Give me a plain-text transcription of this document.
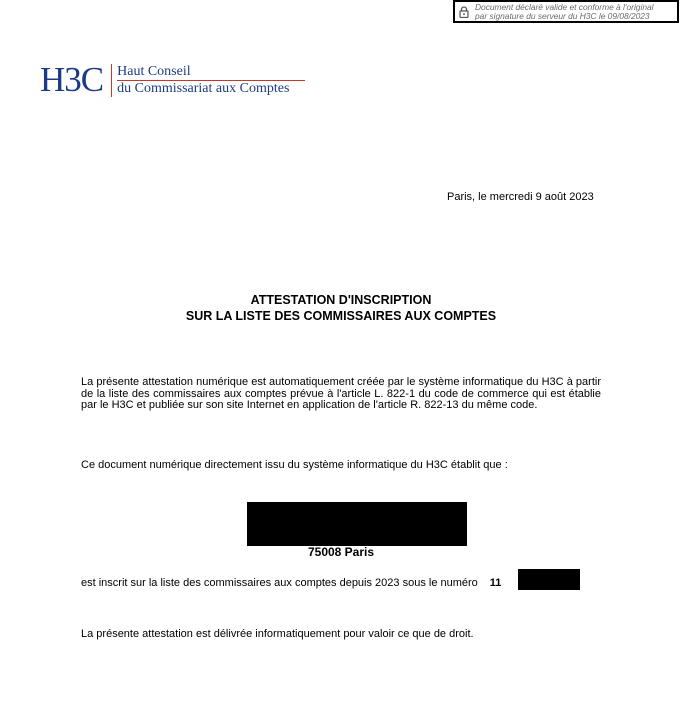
Document déclaré valide et conforme à l'original
par signature du serveur du H3C le 09/08/2023
H3C Haut Conseil
du Commissariat aux Comptes
Paris, le mercredi 9 août 2023
ATTESTATION D'INSCRIPTION
SUR LA LISTE DES COMMISSAIRES AUX COMPTES
La présente attestation numérique est automatiquement créée par le système informatique du H3C à partir de la liste des commissaires aux comptes prévue à l'article L. 822-1 du code de commerce qui est établie par le H3C et publiée sur son site Internet en application de l'article R. 822-13 du même code.
Ce document numérique directement issu du système informatique du H3C établit que :
75008 Paris
est inscrit sur la liste des commissaires aux comptes depuis 2023 sous le numéro 11
La présente attestation est délivrée informatiquement pour valoir ce que de droit.
